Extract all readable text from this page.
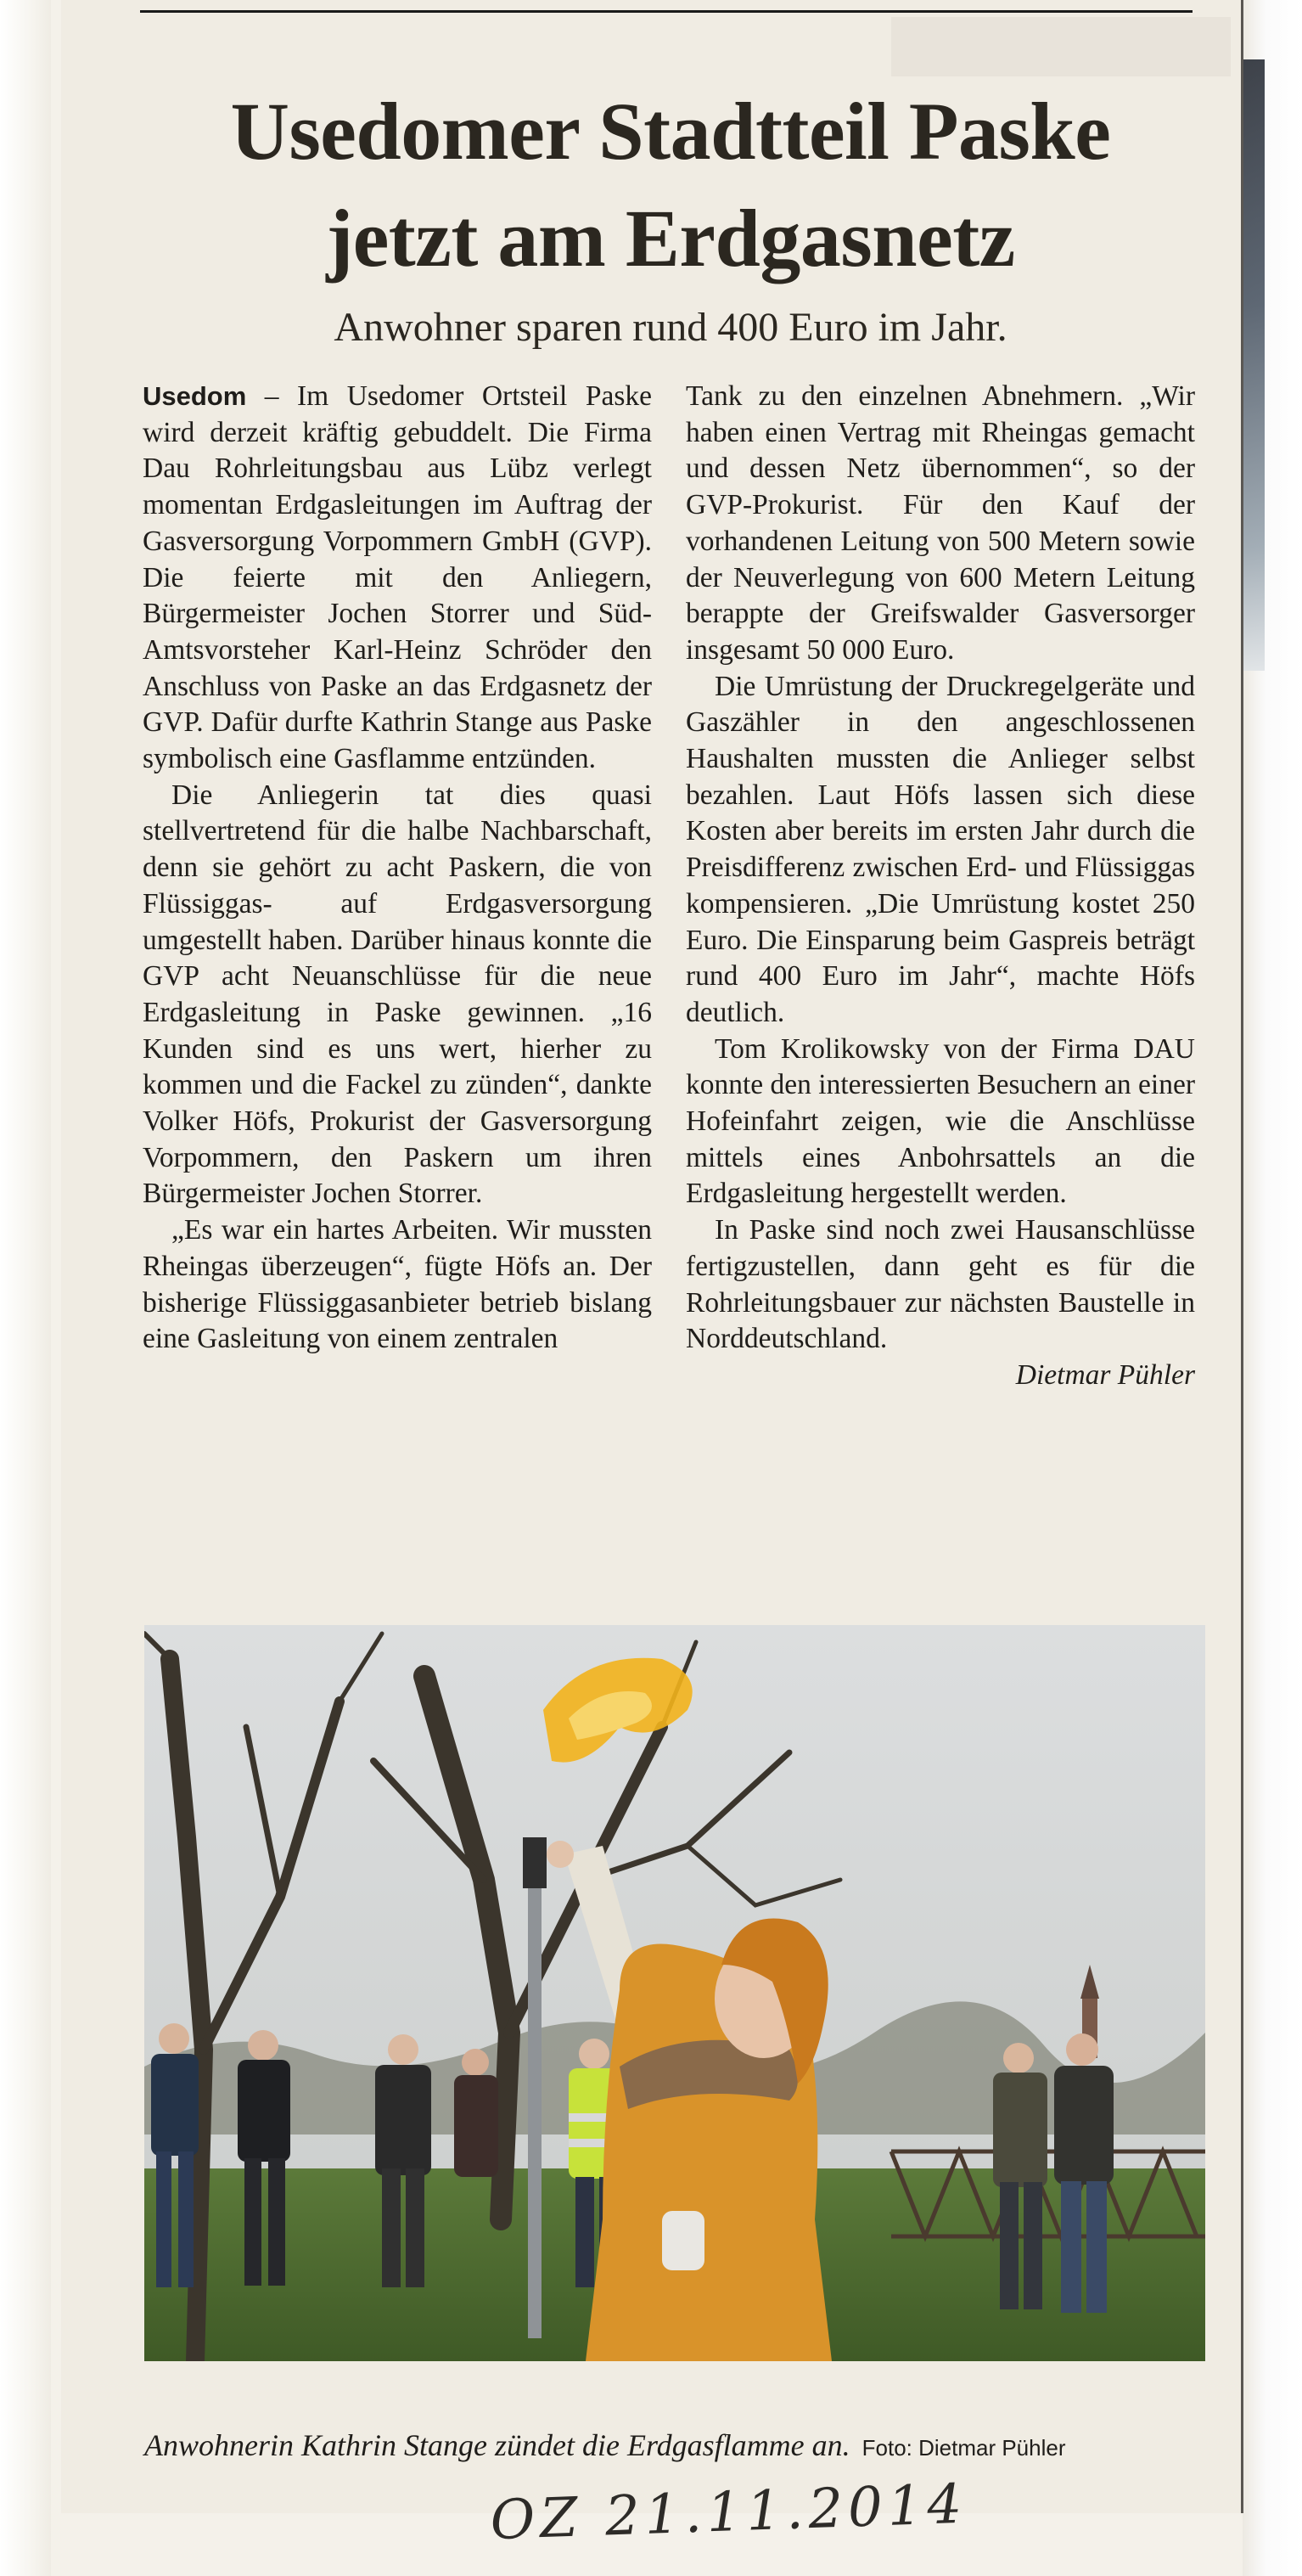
Usedomer Stadtteil Paske
jetzt am Erdgasnetz

Anwohner sparen rund 400 Euro im Jahr.

Usedom – Im Usedomer Ortsteil Paske wird derzeit kräftig gebuddelt. Die Firma Dau Rohrleitungsbau aus Lübz verlegt momentan Erdgasleitungen im Auftrag der Gasversorgung Vorpommern GmbH (GVP). Die feierte mit den Anliegern, Bürgermeister Jochen Storrer und Süd-Amtsvorsteher Karl-Heinz Schröder den Anschluss von Paske an das Erdgasnetz der GVP. Dafür durfte Kathrin Stange aus Paske symbolisch eine Gasflamme entzünden.

Die Anliegerin tat dies quasi stellvertretend für die halbe Nachbarschaft, denn sie gehört zu acht Paskern, die von Flüssiggas- auf Erdgasversorgung umgestellt haben. Darüber hinaus konnte die GVP acht Neuanschlüsse für die neue Erdgasleitung in Paske gewinnen. „16 Kunden sind es uns wert, hierher zu kommen und die Fackel zu zünden“, dankte Volker Höfs, Prokurist der Gasversorgung Vorpommern, den Paskern um ihren Bürgermeister Jochen Storrer.

„Es war ein hartes Arbeiten. Wir mussten Rheingas überzeugen“, fügte Höfs an. Der bisherige Flüssiggasanbieter betrieb bislang eine Gasleitung von einem zentralen

Tank zu den einzelnen Abnehmern. „Wir haben einen Vertrag mit Rheingas gemacht und dessen Netz übernommen“, so der GVP-Prokurist. Für den Kauf der vorhandenen Leitung von 500 Metern sowie der Neuverlegung von 600 Metern Leitung berappte der Greifswalder Gasversorger insgesamt 50 000 Euro.

Die Umrüstung der Druckregelgeräte und Gaszähler in den angeschlossenen Haushalten mussten die Anlieger selbst bezahlen. Laut Höfs lassen sich diese Kosten aber bereits im ersten Jahr durch die Preisdifferenz zwischen Erd- und Flüssiggas kompensieren. „Die Umrüstung kostet 250 Euro. Die Einsparung beim Gaspreis beträgt rund 400 Euro im Jahr“, machte Höfs deutlich.

Tom Krolikowsky von der Firma DAU konnte den interessierten Besuchern an einer Hofeinfahrt zeigen, wie die Anschlüsse mittels eines Anbohrsattels an die Erdgasleitung hergestellt werden.

In Paske sind noch zwei Hausanschlüsse fertigzustellen, dann geht es für die Rohrleitungsbauer zur nächsten Baustelle in Norddeutschland.

Dietmar Pühler

Anwohnerin Kathrin Stange zündet die Erdgasflamme an. Foto: Dietmar Pühler

OZ 21.11.2014
